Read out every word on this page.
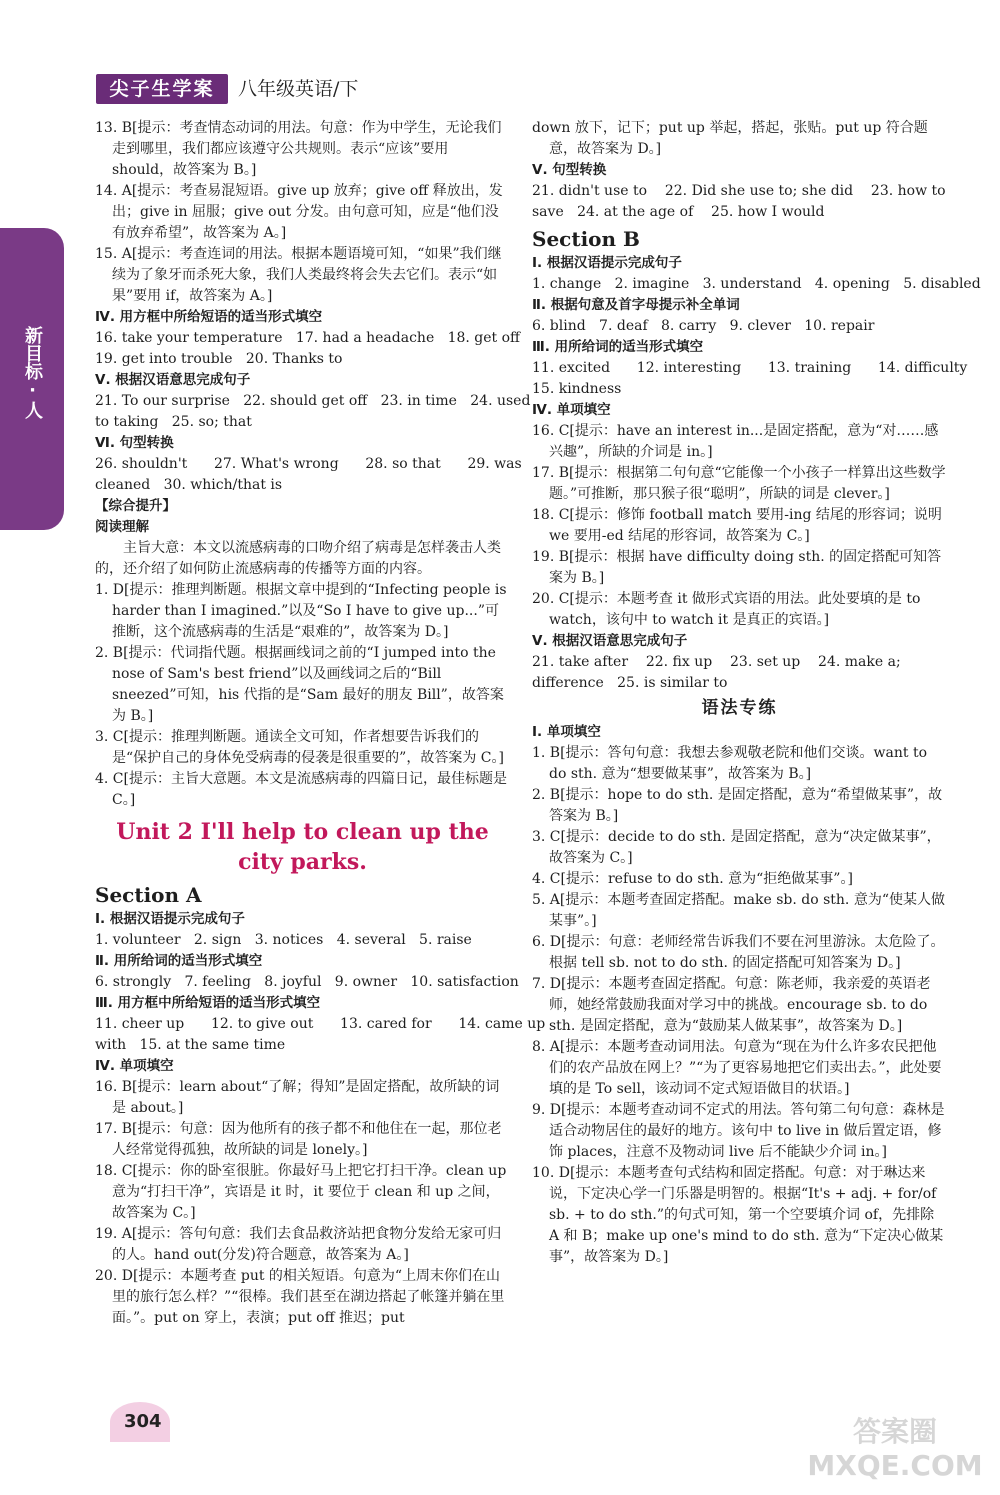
尖子生学案	八年级英语/下
新目标·人

13. B[提示：考查情态动词的用法。句意：作为中学生，无论我们走到哪里，我们都应该遵守公共规则。表示“应该”要用 should，故答案为 B。]

14. A[提示：考查易混短语。give up 放弃；give off 释放出，发出；give in 屈服；give out 分发。由句意可知，应是“他们没有放弃希望”，故答案为 A。]

15. A[提示：考查连词的用法。根据本题语境可知，“如果”我们继续为了象牙而杀死大象，我们人类最终将会失去它们。表示“如果”要用 if，故答案为 A。]

Ⅳ. 用方框中所给短语的适当形式填空

16. take your temperature   17. had a headache   18. get off

19. get into trouble   20. Thanks to

Ⅴ. 根据汉语意思完成句子

21. To our surprise   22. should get off   23. in time   24. used

to taking   25. so; that

Ⅵ. 句型转换

26. shouldn't      27. What's wrong      28. so that      29. was

cleaned   30. which/that is

【综合提升】

阅读理解

主旨大意：本文以流感病毒的口吻介绍了病毒是怎样袭击人类的，还介绍了如何防止流感病毒的传播等方面的内容。

1. D[提示：推理判断题。根据文章中提到的“Infecting people is harder than I imagined.”以及“So I have to give up...”可推断，这个流感病毒的生活是“艰难的”，故答案为 D。]

2. B[提示：代词指代题。根据画线词之前的“I jumped into the nose of Sam's best friend”以及画线词之后的“Bill sneezed”可知，his 代指的是“Sam 最好的朋友 Bill”，故答案为 B。]

3. C[提示：推理判断题。通读全文可知，作者想要告诉我们的是“保护自己的身体免受病毒的侵袭是很重要的”，故答案为 C。]

4. C[提示：主旨大意题。本文是流感病毒的四篇日记，最佳标题是 C。]

Unit 2 I'll help to clean up the city parks.

Section A

Ⅰ. 根据汉语提示完成句子

1. volunteer   2. sign   3. notices   4. several   5. raise

Ⅱ. 用所给词的适当形式填空

6. strongly   7. feeling   8. joyful   9. owner   10. satisfaction

Ⅲ. 用方框中所给短语的适当形式填空

11. cheer up      12. to give out      13. cared for      14. came up

with   15. at the same time

Ⅳ. 单项填空

16. B[提示：learn about“了解；得知”是固定搭配，故所缺的词是 about。]

17. B[提示：句意：因为他所有的孩子都不和他住在一起，那位老人经常觉得孤独，故所缺的词是 lonely。]

18. C[提示：你的卧室很脏。你最好马上把它打扫干净。clean up 意为“打扫干净”，宾语是 it 时，it 要位于 clean 和 up 之间，故答案为 C。]

19. A[提示：答句句意：我们去食品救济站把食物分发给无家可归的人。hand out(分发)符合题意，故答案为 A。]

20. D[提示：本题考查 put 的相关短语。句意为“上周末你们在山里的旅行怎么样？”“很棒。我们甚至在湖边搭起了帐篷并躺在里面。”。put on 穿上，表演；put off 推迟；put

down 放下，记下；put up 举起，搭起，张贴。put up 符合题意，故答案为 D。]

Ⅴ. 句型转换

21. didn't use to    22. Did she use to; she did    23. how to

save   24. at the age of    25. how I would

Section B

Ⅰ. 根据汉语提示完成句子

1. change   2. imagine   3. understand   4. opening   5. disabled

Ⅱ. 根据句意及首字母提示补全单词

6. blind   7. deaf   8. carry   9. clever   10. repair

Ⅲ. 用所给词的适当形式填空

11. excited      12. interesting      13. training      14. difficulty

15. kindness

Ⅳ. 单项填空

16. C[提示：have an interest in...是固定搭配，意为“对……感兴趣”，所缺的介词是 in。]

17. B[提示：根据第二句句意“它能像一个小孩子一样算出这些数学题。”可推断，那只猴子很“聪明”，所缺的词是 clever。]

18. C[提示：修饰 football match 要用-ing 结尾的形容词；说明 we 要用-ed 结尾的形容词，故答案为 C。]

19. B[提示：根据 have difficulty doing sth. 的固定搭配可知答案为 B。]

20. C[提示：本题考查 it 做形式宾语的用法。此处要填的是 to watch，该句中 to watch it 是真正的宾语。]

Ⅴ. 根据汉语意思完成句子

21. take after    22. fix up    23. set up    24. make a;

difference   25. is similar to

语法专练

Ⅰ. 单项填空

1. B[提示：答句句意：我想去参观敬老院和他们交谈。want to do sth. 意为“想要做某事”，故答案为 B。]

2. B[提示：hope to do sth. 是固定搭配，意为“希望做某事”，故答案为 B。]

3. C[提示：decide to do sth. 是固定搭配，意为“决定做某事”，故答案为 C。]

4. C[提示：refuse to do sth. 意为“拒绝做某事”。]

5. A[提示：本题考查固定搭配。make sb. do sth. 意为“使某人做某事”。]

6. D[提示：句意：老师经常告诉我们不要在河里游泳。太危险了。根据 tell sb. not to do sth. 的固定搭配可知答案为 D。]

7. D[提示：本题考查固定搭配。句意：陈老师，我亲爱的英语老师，她经常鼓励我面对学习中的挑战。encourage sb. to do sth. 是固定搭配，意为“鼓励某人做某事”，故答案为 D。]

8. A[提示：本题考查动词用法。句意为“现在为什么许多农民把他们的农产品放在网上？”“为了更容易地把它们卖出去。”，此处要填的是 To sell，该动词不定式短语做目的状语。]

9. D[提示：本题考查动词不定式的用法。答句第二句句意：森林是适合动物居住的最好的地方。该句中 to live in 做后置定语，修饰 places，注意不及物动词 live 后不能缺少介词 in。]

10. D[提示：本题考查句式结构和固定搭配。句意：对于琳达来说，下定决心学一门乐器是明智的。根据“It's + adj. + for/of sb. + to do sth.”的句式可知，第一个空要填介词 of，先排除 A 和 B；make up one's mind to do sth. 意为“下定决心做某事”，故答案为 D。]

304	答案圈 MXQE.COM
